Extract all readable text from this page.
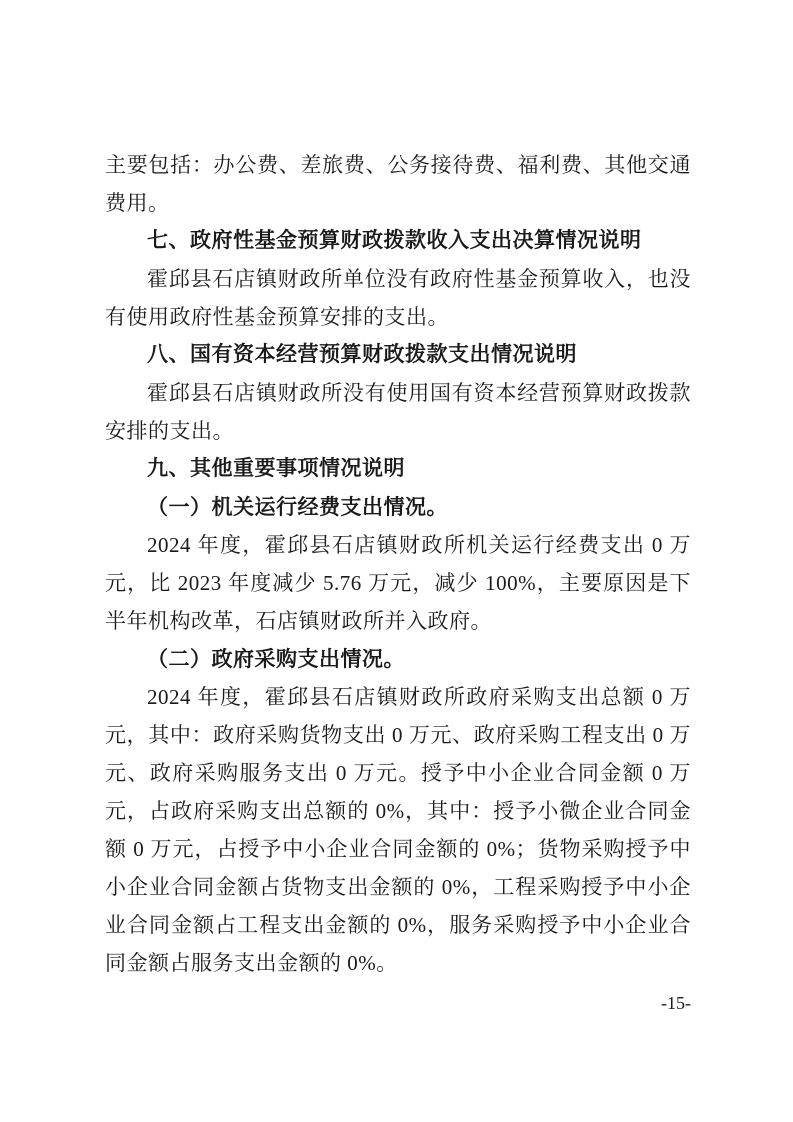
主要包括：办公费、差旅费、公务接待费、福利费、其他交通费用。

七、政府性基金预算财政拨款收入支出决算情况说明

霍邱县石店镇财政所单位没有政府性基金预算收入，也没有使用政府性基金预算安排的支出。

八、国有资本经营预算财政拨款支出情况说明

霍邱县石店镇财政所没有使用国有资本经营预算财政拨款安排的支出。

九、其他重要事项情况说明

（一）机关运行经费支出情况。

2024 年度，霍邱县石店镇财政所机关运行经费支出 0 万元，比 2023 年度减少 5.76 万元，减少 100%，主要原因是下半年机构改革，石店镇财政所并入政府。

（二）政府采购支出情况。

2024 年度，霍邱县石店镇财政所政府采购支出总额 0 万元，其中：政府采购货物支出 0 万元、政府采购工程支出 0 万元、政府采购服务支出 0 万元。授予中小企业合同金额 0 万元，占政府采购支出总额的 0%，其中：授予小微企业合同金额 0 万元，占授予中小企业合同金额的 0%；货物采购授予中小企业合同金额占货物支出金额的 0%，工程采购授予中小企业合同金额占工程支出金额的 0%，服务采购授予中小企业合同金额占服务支出金额的 0%。

-15-
